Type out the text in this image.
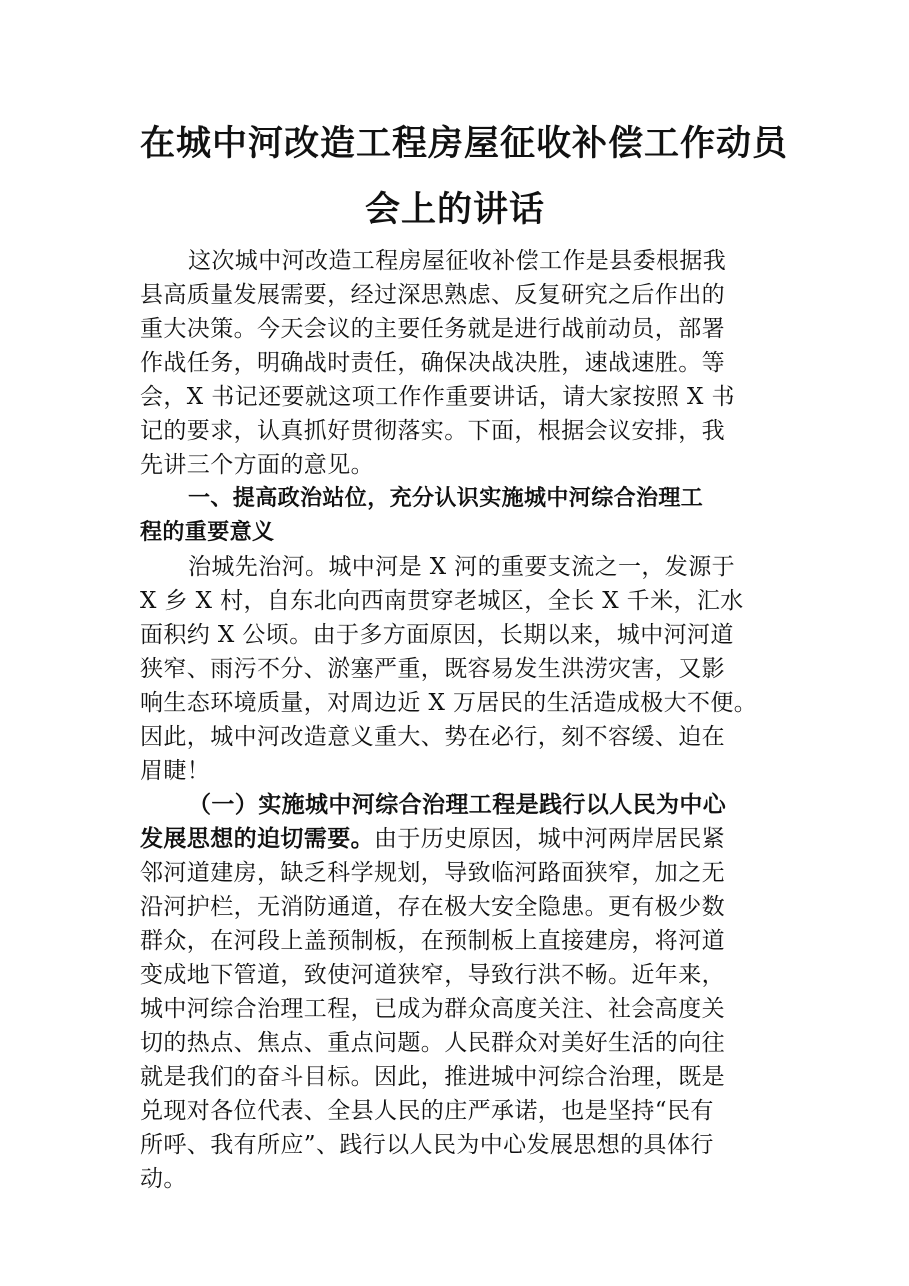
在城中河改造工程房屋征收补偿工作动员
会上的讲话
这次城中河改造工程房屋征收补偿工作是县委根据我
县高质量发展需要，经过深思熟虑、反复研究之后作出的
重大决策。今天会议的主要任务就是进行战前动员，部署
作战任务，明确战时责任，确保决战决胜，速战速胜。等
会，X 书记还要就这项工作作重要讲话，请大家按照 X 书
记的要求，认真抓好贯彻落实。下面，根据会议安排，我
先讲三个方面的意见。
一、提高政治站位，充分认识实施城中河综合治理工
程的重要意义
治城先治河。城中河是 X 河的重要支流之一，发源于
X 乡 X 村，自东北向西南贯穿老城区，全长 X 千米，汇水
面积约 X 公顷。由于多方面原因，长期以来，城中河河道
狭窄、雨污不分、淤塞严重，既容易发生洪涝灾害，又影
响生态环境质量，对周边近 X 万居民的生活造成极大不便。
因此，城中河改造意义重大、势在必行，刻不容缓、迫在
眉睫！
（一）实施城中河综合治理工程是践行以人民为中心
发展思想的迫切需要。由于历史原因，城中河两岸居民紧
邻河道建房，缺乏科学规划，导致临河路面狭窄，加之无
沿河护栏，无消防通道，存在极大安全隐患。更有极少数
群众，在河段上盖预制板，在预制板上直接建房，将河道
变成地下管道，致使河道狭窄，导致行洪不畅。近年来，
城中河综合治理工程，已成为群众高度关注、社会高度关
切的热点、焦点、重点问题。人民群众对美好生活的向往
就是我们的奋斗目标。因此，推进城中河综合治理，既是
兑现对各位代表、全县人民的庄严承诺，也是坚持“民有
所呼、我有所应”、践行以人民为中心发展思想的具体行
动。
